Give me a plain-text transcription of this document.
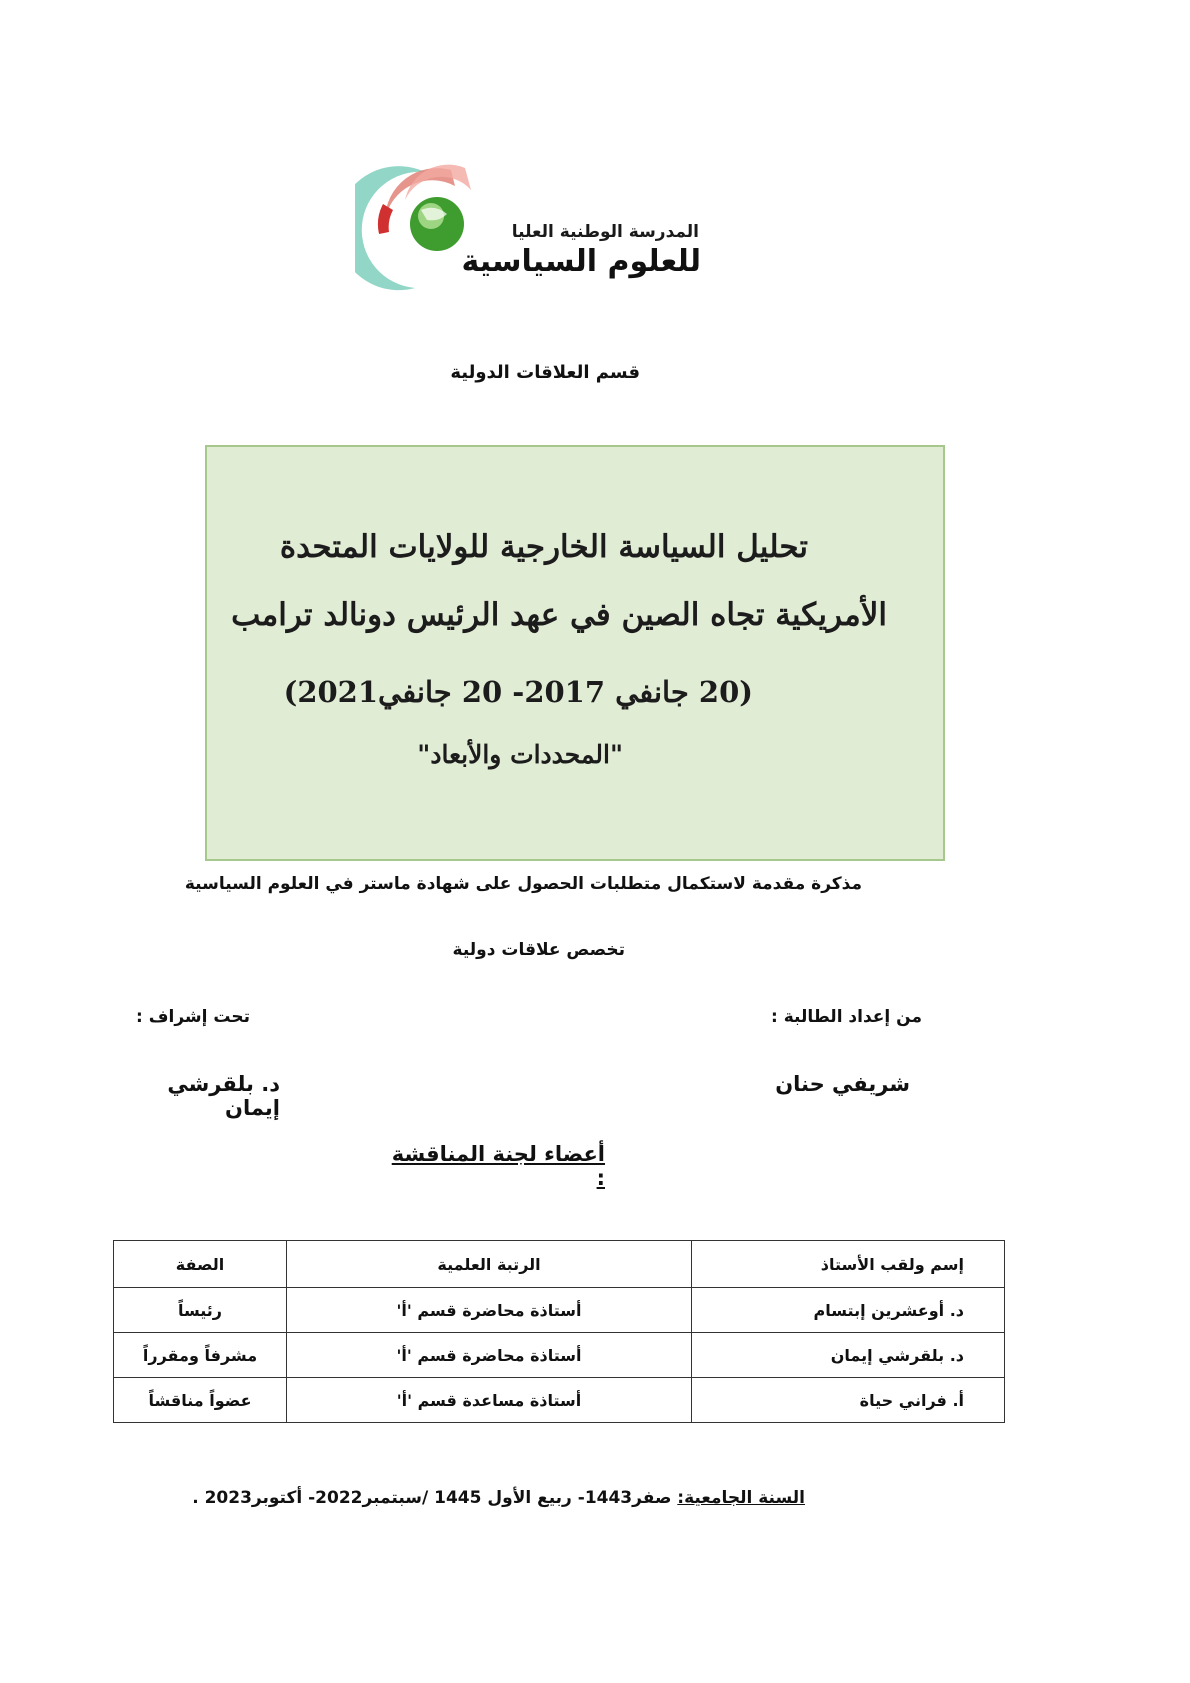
المدرسة الوطنية العليا
للعلوم السياسية
قسم العلاقات الدولية
تحليل السياسة الخارجية للولايات المتحدة
الأمريكية تجاه الصين في عهد الرئيس دونالد ترامب
(20 جانفي 2017- 20 جانفي2021)
"المحددات والأبعاد"
مذكرة مقدمة لاستكمال متطلبات الحصول على شهادة ماستر في العلوم السياسية
تخصص علاقات دولية
من إعداد الطالبة :
تحت إشراف :
شريفي حنان
د. بلقرشي إيمان
أعضاء لجنة المناقشة :
إسم ولقب الأستاذ	الرتبة العلمية	الصفة
د. أوعشرين إبتسام	أستاذة محاضرة قسم 'أ'	رئيساً
د. بلقرشي إيمان	أستاذة محاضرة قسم 'أ'	مشرفاً ومقرراً
أ. فراني حياة	أستاذة مساعدة قسم 'أ'	عضواً مناقشاً
السنة الجامعية: صفر1443- ربيع الأول 1445 /سبتمبر2022- أكتوبر2023 .
